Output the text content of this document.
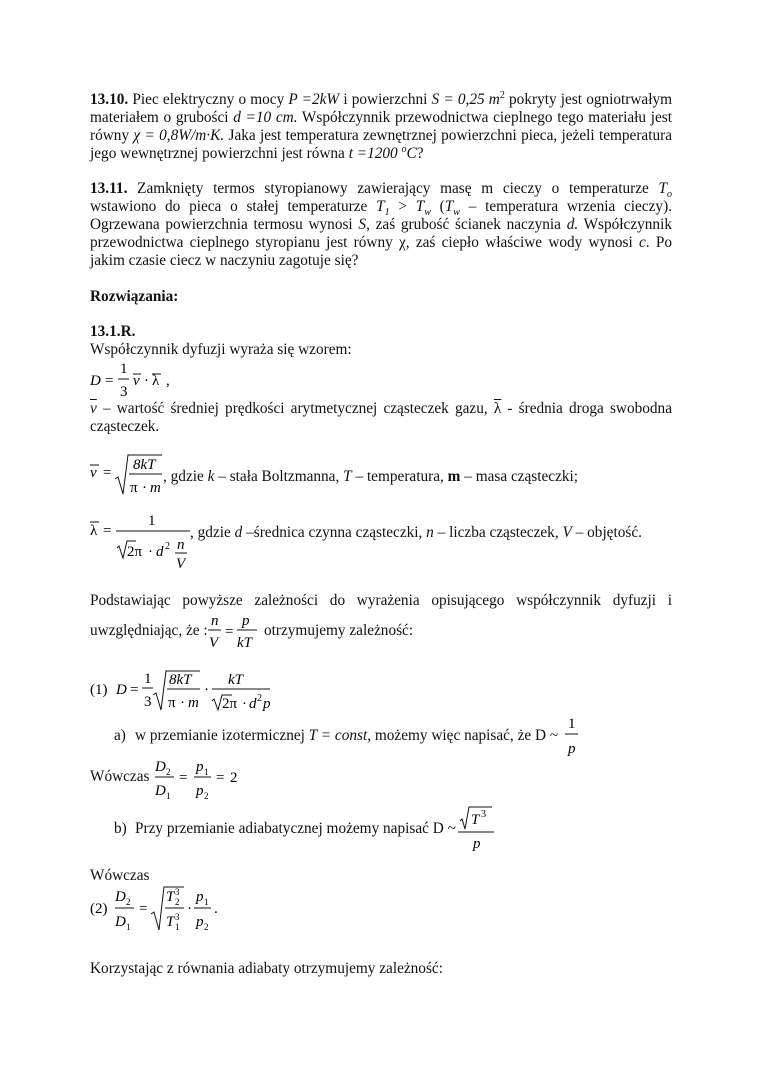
13.10. Piec elektryczny o mocy P =2kW i powierzchni S = 0,25 $m^2$ pokryty jest ogniotrwałym
materiałem o grubości d =10 cm. Współczynnik przewodnictwa cieplnego tego materiału jest
równy χ = 0,8W/m·K. Jaka jest temperatura zewnętrznej powierzchni pieca, jeżeli temperatura
jego wewnętrznej powierzchni jest równa t =1200 $^o$C?
13.11. Zamknięty termos styropianowy zawierający masę m cieczy o temperaturze $T_o$
wstawiono do pieca o stałej temperaturze $T_1 > T_w$ ($T_w$ – temperatura wrzenia cieczy).
Ogrzewana powierzchnia termosu wynosi S, zaś grubość ścianek naczynia d. Współczynnik
przewodnictwa cieplnego styropianu jest równy χ, zaś ciepło właściwe wody wynosi c. Po
jakim czasie ciecz w naczyniu zagotuje się?
Rozwiązania:
13.1.R.
Współczynnik dyfuzji wyraża się wzorem:
D =
1
3
v · λ ,
$\overline{v}$ – wartość średniej prędkości arytmetycznej cząsteczek gazu, $\overline{\lambda}$ - średnia droga swobodna
cząsteczek.
v = 8kT
π · m
, gdzie k – stała Boltzmanna, T – temperatura, m – masa cząsteczki;
λ =
1
2π · d 2 n
V
, gdzie d –średnica czynna cząsteczki, n – liczba cząsteczek, V – objętość.
Podstawiając powyższe zależności do wyrażenia opisującego współczynnik dyfuzji i
uwzględniając, że :
n
V
=
p
kT
otrzymujemy zależność:
(1) D =
1
3
8kT
π · m
·
kT
2π · d 2 p
a) w przemianie izotermicznej T = const, możemy więc napisać, że D ~
1
p
Wówczas
D 2
D 1
=
p 1
p 2
= 2
b) Przy przemianie adiabatycznej możemy napisać D ~ T 3
p
Wówczas
(2)
D 2
D 1
=
T 3
2
T 3
1
·
p 1
p 2
.
Korzystając z równania adiabaty otrzymujemy zależność:
